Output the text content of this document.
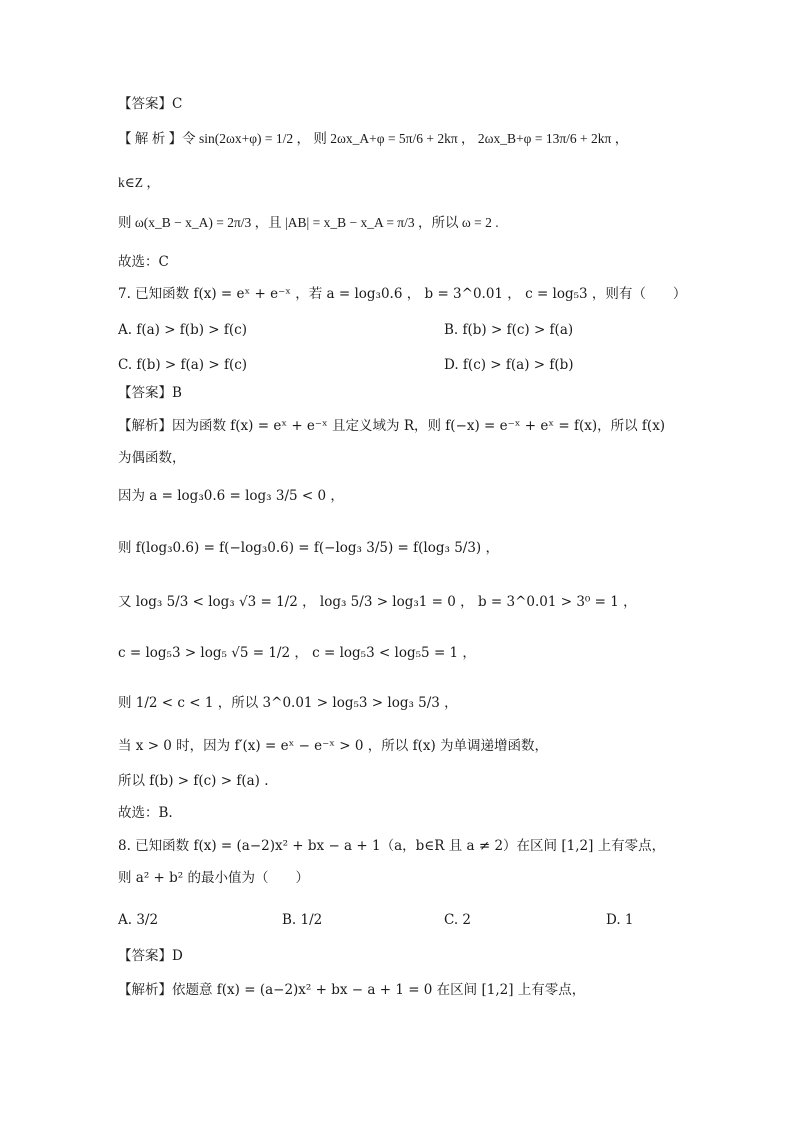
【答案】C
【 解 析 】令 sin(2ωx+φ) = 1/2 ， 则 2ωx_A+φ = 5π/6 + 2kπ ， 2ωx_B+φ = 13π/6 + 2kπ ，
k∈Z ，
则 ω(x_B − x_A) = 2π/3 ，且 |AB| = x_B − x_A = π/3 ，所以 ω = 2 .
故选：C
7. 已知函数 f(x) = eˣ + e⁻ˣ ，若 a = log₃0.6 ， b = 3^0.01 ， c = log₅3 ，则有（　　）
A. f(a) > f(b) > f(c)	B. f(b) > f(c) > f(a)
C. f(b) > f(a) > f(c)	D. f(c) > f(a) > f(b)
【答案】B
【解析】因为函数 f(x) = eˣ + e⁻ˣ 且定义域为 R，则 f(−x) = e⁻ˣ + eˣ = f(x)，所以 f(x)
为偶函数，
因为 a = log₃0.6 = log₃ 3/5 < 0 ，
则 f(log₃0.6) = f(−log₃0.6) = f(−log₃ 3/5) = f(log₃ 5/3) ，
又 log₃ 5/3 < log₃ √3 = 1/2 ， log₃ 5/3 > log₃1 = 0 ， b = 3^0.01 > 3⁰ = 1 ，
c = log₅3 > log₅ √5 = 1/2 ， c = log₅3 < log₅5 = 1 ，
则 1/2 < c < 1 ，所以 3^0.01 > log₅3 > log₃ 5/3 ，
当 x > 0 时，因为 f′(x) = eˣ − e⁻ˣ > 0 ，所以 f(x) 为单调递增函数，
所以 f(b) > f(c) > f(a) .
故选：B.
8. 已知函数 f(x) = (a−2)x² + bx − a + 1（a，b∈R 且 a ≠ 2）在区间 [1,2] 上有零点，
则 a² + b² 的最小值为（　　）
A. 3/2	B. 1/2	C. 2	D. 1
【答案】D
【解析】依题意 f(x) = (a−2)x² + bx − a + 1 = 0 在区间 [1,2] 上有零点，
